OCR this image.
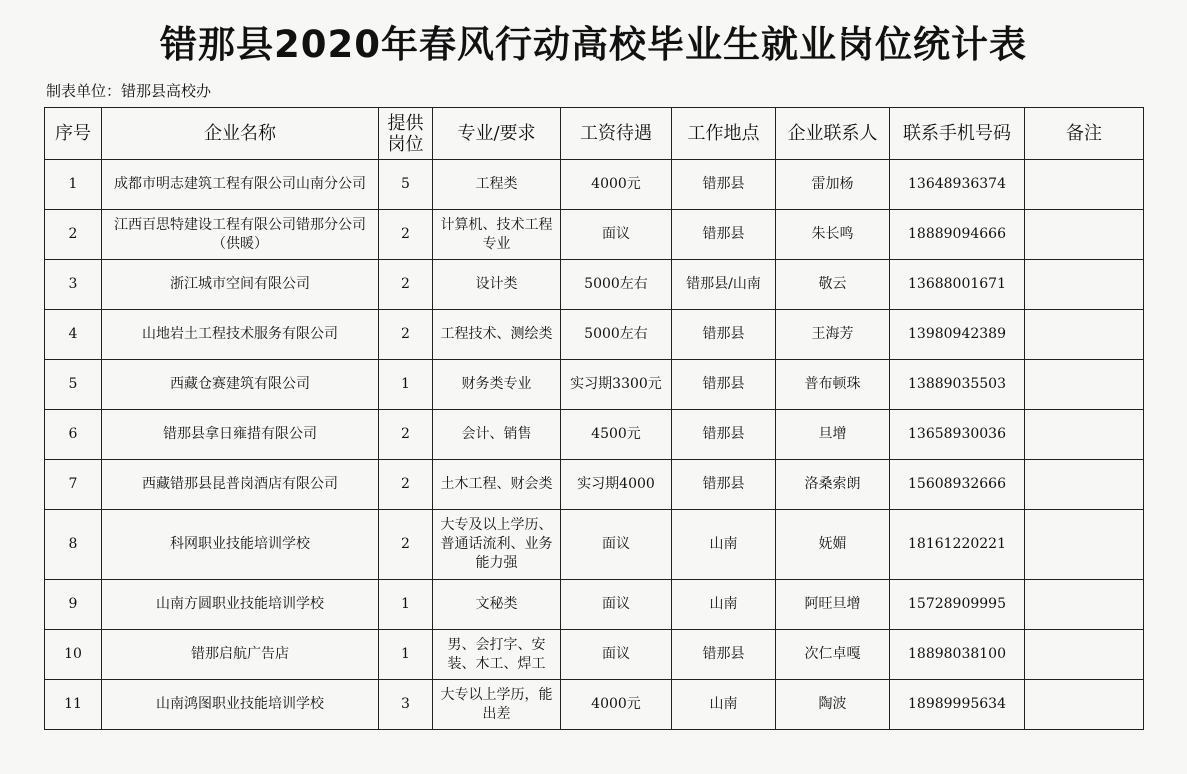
错那县2020年春风行动高校毕业生就业岗位统计表
制表单位：错那县高校办
序号	企业名称	提供岗位	专业/要求	工资待遇	工作地点	企业联系人	联系手机号码	备注

1	成都市明志建筑工程有限公司山南分公司	5	工程类	4000元	错那县	雷加杨	13648936374	

2	江西百思特建设工程有限公司错那分公司（供暖）	2	计算机、技术工程专业	面议	错那县	朱长鸣	18889094666	

3	浙江城市空间有限公司	2	设计类	5000左右	错那县/山南	敬云	13688001671	

4	山地岩土工程技术服务有限公司	2	工程技术、测绘类	5000左右	错那县	王海芳	13980942389	

5	西藏仓赛建筑有限公司	1	财务类专业	实习期3300元	错那县	普布顿珠	13889035503	

6	错那县拿日雍措有限公司	2	会计、销售	4500元	错那县	旦增	13658930036	

7	西藏错那县昆普岗酒店有限公司	2	土木工程、财会类	实习期4000	错那县	洛桑索朗	15608932666	

8	科网职业技能培训学校	2	大专及以上学历、普通话流利、业务能力强	面议	山南	妩媚	18161220221	

9	山南方圆职业技能培训学校	1	文秘类	面议	山南	阿旺旦增	15728909995	

10	错那启航广告店	1	男、会打字、安装、木工、焊工	面议	错那县	次仁卓嘎	18898038100	

11	山南鸿图职业技能培训学校	3	大专以上学历，能出差	4000元	山南	陶波	18989995634	
